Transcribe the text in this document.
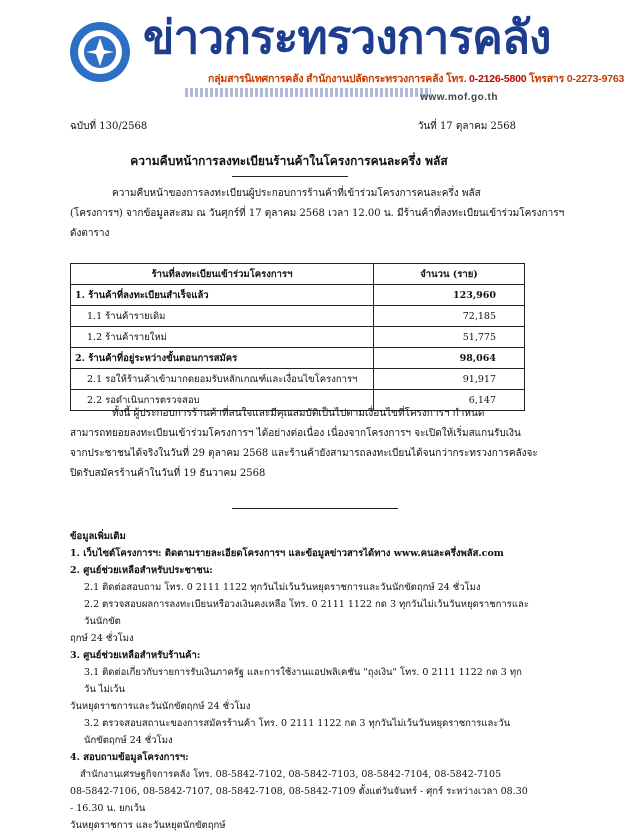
ข่าวกระทรวงการคลัง
กลุ่มสารนิเทศการคลัง สำนักงานปลัดกระทรวงการคลัง โทร. 0-2126-5800 โทรสาร 0-2273-9763
www.mof.go.th
ฉบับที่ 130/2568	วันที่ 17 ตุลาคม 2568
ความคืบหน้าการลงทะเบียนร้านค้าในโครงการคนละครึ่ง พลัส
ความคืบหน้าของการลงทะเบียนผู้ประกอบการร้านค้าที่เข้าร่วมโครงการคนละครึ่ง พลัส
(โครงการฯ) จากข้อมูลสะสม ณ วันศุกร์ที่ 17 ตุลาคม 2568 เวลา 12.00 น. มีร้านค้าที่ลงทะเบียนเข้าร่วมโครงการฯ
ดังตาราง
ร้านที่ลงทะเบียนเข้าร่วมโครงการฯ	จำนวน (ราย)
1. ร้านค้าที่ลงทะเบียนสำเร็จแล้ว	123,960
1.1 ร้านค้ารายเดิม	72,185
1.2 ร้านค้ารายใหม่	51,775
2. ร้านค้าที่อยู่ระหว่างขั้นตอนการสมัคร	98,064
2.1 รอให้ร้านค้าเข้ามากดยอมรับหลักเกณฑ์และเงื่อนไขโครงการฯ	91,917
2.2 รอดำเนินการตรวจสอบ	6,147
ทั้งนี้ ผู้ประกอบการร้านค้าที่สนใจและมีคุณสมบัติเป็นไปตามเงื่อนไขที่โครงการฯ กำหนด
สามารถทยอยลงทะเบียนเข้าร่วมโครงการฯ ได้อย่างต่อเนื่อง เนื่องจากโครงการฯ จะเปิดให้เริ่มสแกนรับเงิน
จากประชาชนได้จริงในวันที่ 29 ตุลาคม 2568 และร้านค้ายังสามารถลงทะเบียนได้จนกว่ากระทรวงการคลังจะ
ปิดรับสมัครร้านค้าในวันที่ 19 ธันวาคม 2568
ข้อมูลเพิ่มเติม
1. เว็บไซต์โครงการฯ: ติดตามรายละเอียดโครงการฯ และข้อมูลข่าวสารได้ทาง www.คนละครึ่งพลัส.com
2. ศูนย์ช่วยเหลือสำหรับประชาชน:
2.1 ติดต่อสอบถาม โทร. 0 2111 1122 ทุกวันไม่เว้นวันหยุดราชการและวันนักขัตฤกษ์ 24 ชั่วโมง
2.2 ตรวจสอบผลการลงทะเบียนหรือวงเงินคงเหลือ โทร. 0 2111 1122 กด 3 ทุกวันไม่เว้นวันหยุดราชการและวันนักขัต
ฤกษ์ 24 ชั่วโมง
3. ศูนย์ช่วยเหลือสำหรับร้านค้า:
3.1 ติดต่อเกี่ยวกับรายการรับเงินภาครัฐ และการใช้งานแอปพลิเคชัน "ถุงเงิน" โทร. 0 2111 1122 กด 3 ทุกวัน ไม่เว้น
วันหยุดราชการและวันนักขัตฤกษ์ 24 ชั่วโมง
3.2 ตรวจสอบสถานะของการสมัครร้านค้า โทร. 0 2111 1122 กด 3 ทุกวันไม่เว้นวันหยุดราชการและวันนักขัตฤกษ์ 24 ชั่วโมง
4. สอบถามข้อมูลโครงการฯ:
สำนักงานเศรษฐกิจการคลัง โทร. 08-5842-7102, 08-5842-7103, 08-5842-7104, 08-5842-7105
08-5842-7106, 08-5842-7107, 08-5842-7108, 08-5842-7109 ตั้งแต่วันจันทร์ - ศุกร์ ระหว่างเวลา 08.30 - 16.30 น. ยกเว้น
วันหยุดราชการ และวันหยุดนักขัตฤกษ์
